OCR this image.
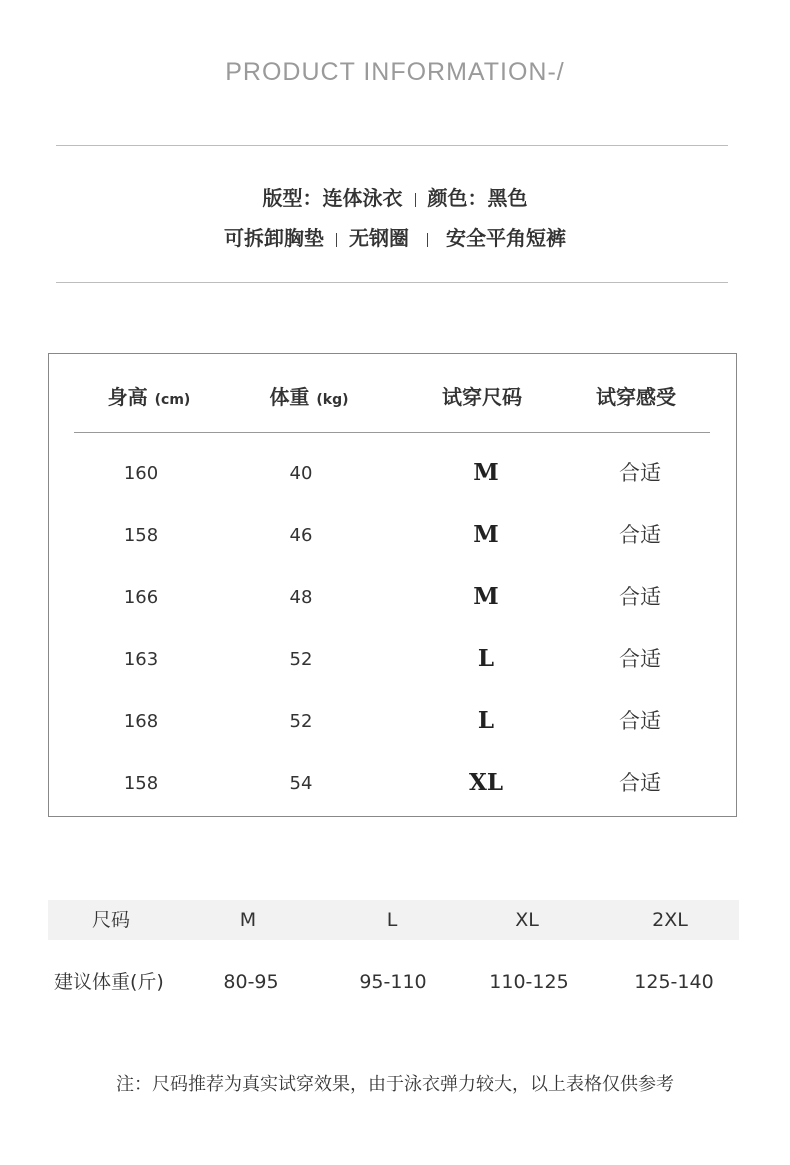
PRODUCT INFORMATION-/
版型：连体泳衣 颜色：黑色
可拆卸胸垫 无钢圈 安全平角短裤
身高 (cm)	体重 (kg)	试穿尺码	试穿感受
160	40	M	合适
158	46	M	合适
166	48	M	合适
163	52	L	合适
168	52	L	合适
158	54	XL	合适
尺码	M	L	XL	2XL
建议体重(斤)	80-95	95-110	110-125	125-140
注：尺码推荐为真实试穿效果，由于泳衣弹力较大，以上表格仅供参考
